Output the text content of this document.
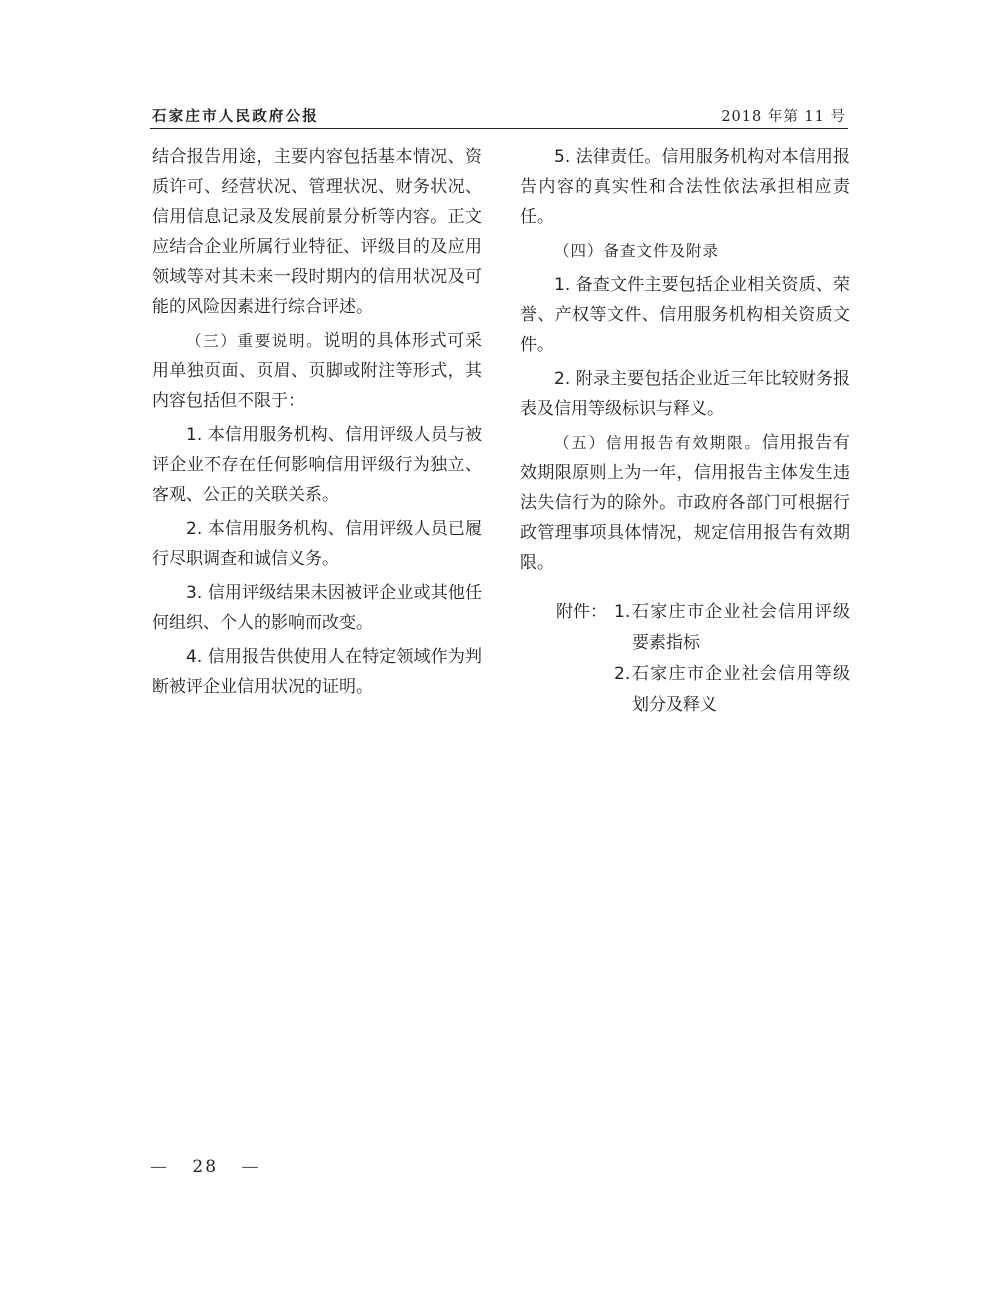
石家庄市人民政府公报	2018 年第 11 号

结合报告用途，主要内容包括基本情况、资质许可、经营状况、管理状况、财务状况、信用信息记录及发展前景分析等内容。正文应结合企业所属行业特征、评级目的及应用领域等对其未来一段时期内的信用状况及可能的风险因素进行综合评述。

（三）重要说明。说明的具体形式可采用单独页面、页眉、页脚或附注等形式，其内容包括但不限于：

1. 本信用服务机构、信用评级人员与被评企业不存在任何影响信用评级行为独立、客观、公正的关联关系。

2. 本信用服务机构、信用评级人员已履行尽职调查和诚信义务。

3. 信用评级结果未因被评企业或其他任何组织、个人的影响而改变。

4. 信用报告供使用人在特定领域作为判断被评企业信用状况的证明。

5. 法律责任。信用服务机构对本信用报告内容的真实性和合法性依法承担相应责任。

（四）备查文件及附录

1. 备查文件主要包括企业相关资质、荣誉、产权等文件、信用服务机构相关资质文件。

2. 附录主要包括企业近三年比较财务报表及信用等级标识与释义。

（五）信用报告有效期限。信用报告有效期限原则上为一年，信用报告主体发生违法失信行为的除外。市政府各部门可根据行政管理事项具体情况，规定信用报告有效期限。

附件： 1. 石家庄市企业社会信用评级要素指标
2. 石家庄市企业社会信用等级划分及释义
— 28 —
